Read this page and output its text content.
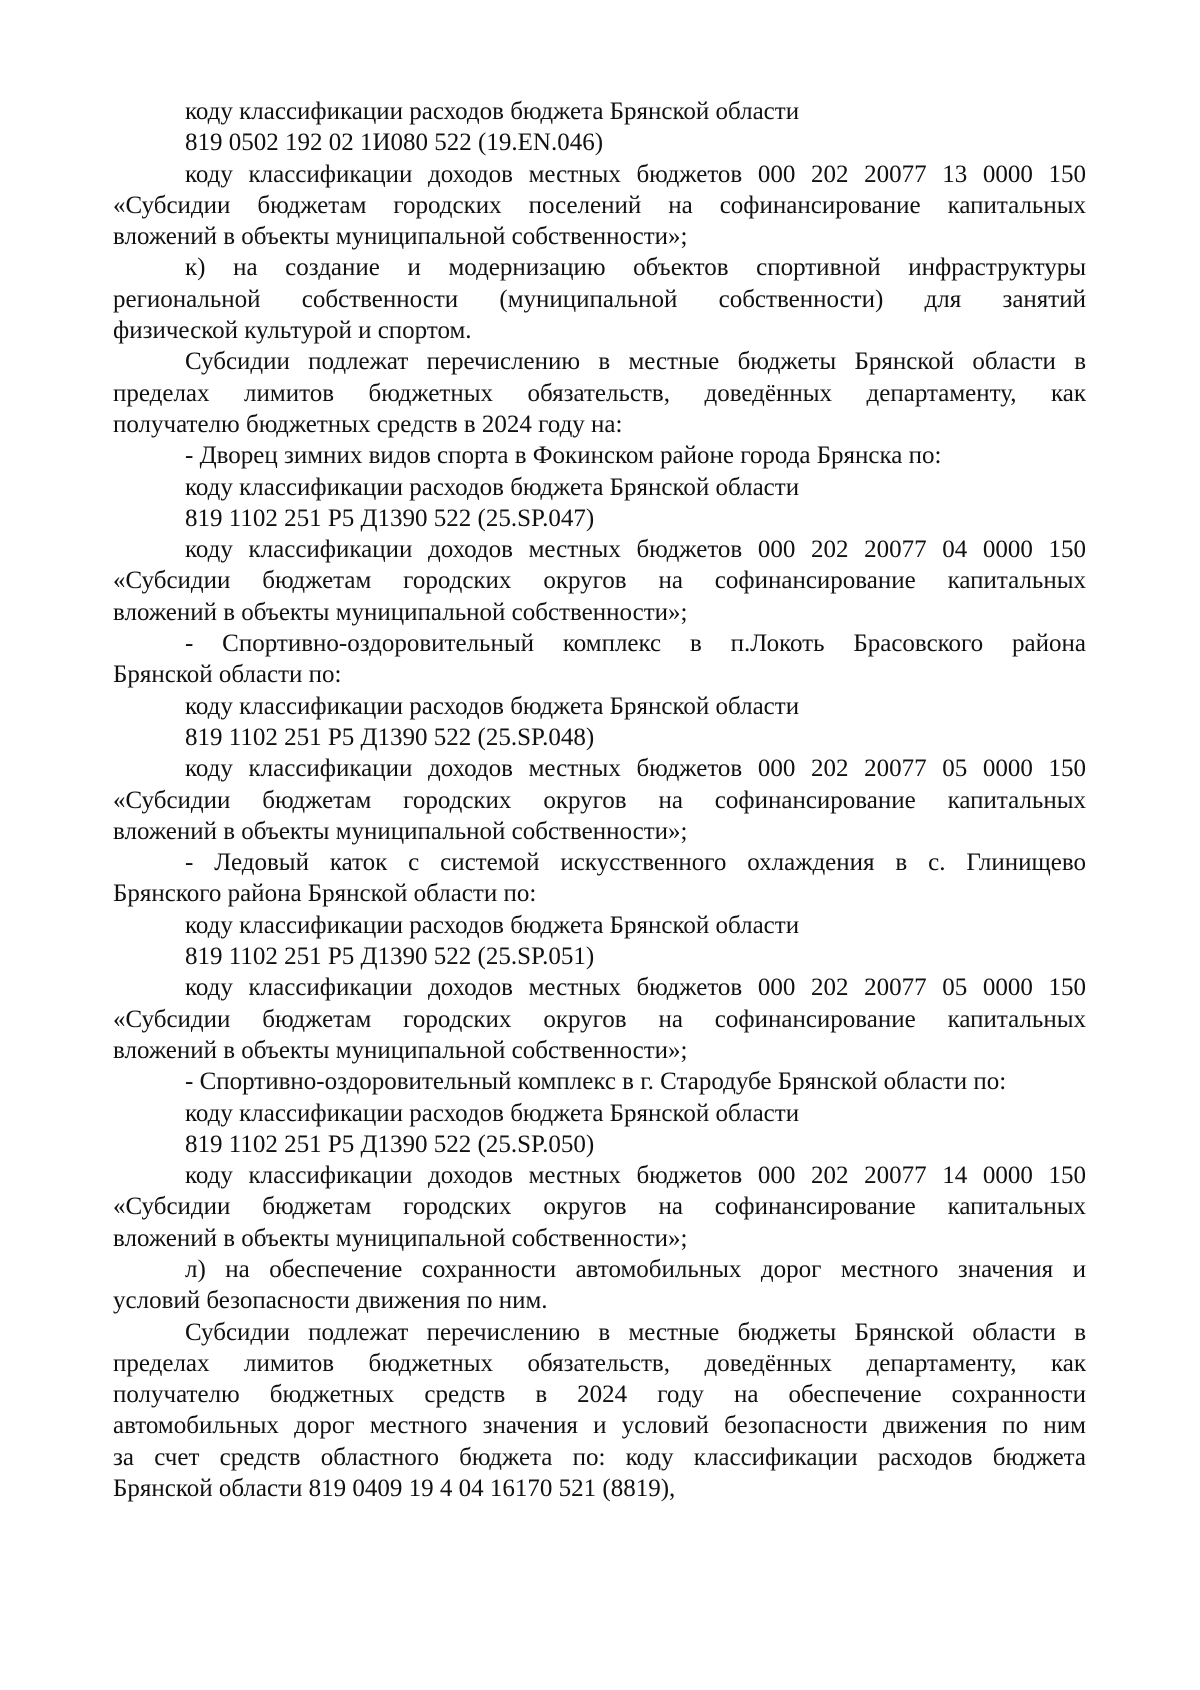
коду классификации расходов бюджета Брянской области
819 0502 192 02 1И080 522 (19.EN.046)
коду классификации доходов местных бюджетов 000 202 20077 13 0000 150
«Субсидии бюджетам городских поселений на софинансирование капитальных
вложений в объекты муниципальной собственности»;
к) на создание и модернизацию объектов спортивной инфраструктуры
региональной собственности (муниципальной собственности) для занятий
физической культурой и спортом.
Субсидии подлежат перечислению в местные бюджеты Брянской области в
пределах лимитов бюджетных обязательств, доведённых департаменту, как
получателю бюджетных средств в 2024 году на:
- Дворец зимних видов спорта в Фокинском районе города Брянска по:
коду классификации расходов бюджета Брянской области
819 1102 251 Р5 Д1390 522 (25.SP.047)
коду классификации доходов местных бюджетов 000 202 20077 04 0000 150
«Субсидии бюджетам городских округов на софинансирование капитальных
вложений в объекты муниципальной собственности»;
- Спортивно-оздоровительный комплекс в п.Локоть Брасовского района
Брянской области по:
коду классификации расходов бюджета Брянской области
819 1102 251 Р5 Д1390 522 (25.SP.048)
коду классификации доходов местных бюджетов 000 202 20077 05 0000 150
«Субсидии бюджетам городских округов на софинансирование капитальных
вложений в объекты муниципальной собственности»;
- Ледовый каток с системой искусственного охлаждения в с. Глинищево
Брянского района Брянской области по:
коду классификации расходов бюджета Брянской области
819 1102 251 Р5 Д1390 522 (25.SP.051)
коду классификации доходов местных бюджетов 000 202 20077 05 0000 150
«Субсидии бюджетам городских округов на софинансирование капитальных
вложений в объекты муниципальной собственности»;
- Спортивно-оздоровительный комплекс в г. Стародубе Брянской области по:
коду классификации расходов бюджета Брянской области
819 1102 251 Р5 Д1390 522 (25.SP.050)
коду классификации доходов местных бюджетов 000 202 20077 14 0000 150
«Субсидии бюджетам городских округов на софинансирование капитальных
вложений в объекты муниципальной собственности»;
л) на обеспечение сохранности автомобильных дорог местного значения и
условий безопасности движения по ним.
Субсидии подлежат перечислению в местные бюджеты Брянской области в
пределах лимитов бюджетных обязательств, доведённых департаменту, как
получателю бюджетных средств в 2024 году на обеспечение сохранности
автомобильных дорог местного значения и условий безопасности движения по ним
за счет средств областного бюджета по: коду классификации расходов бюджета
Брянской области 819 0409 19 4 04 16170 521 (8819),
